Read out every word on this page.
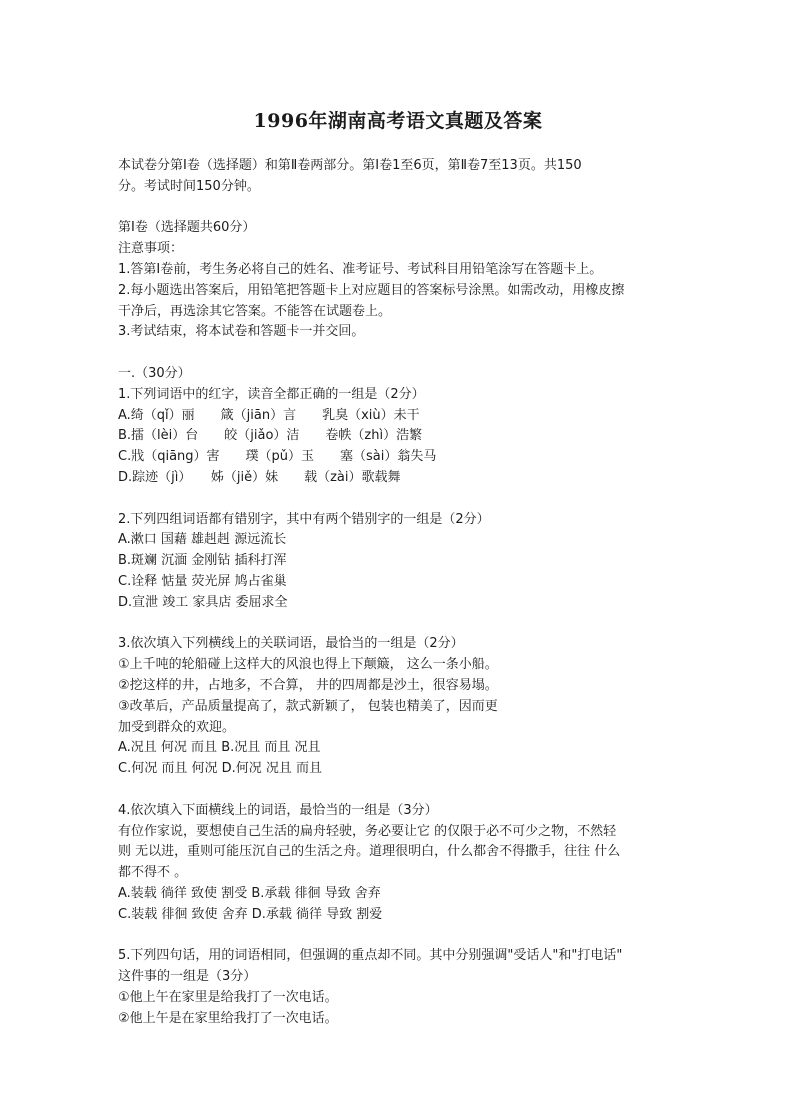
1996年湖南高考语文真题及答案
本试卷分第Ⅰ卷（选择题）和第Ⅱ卷两部分。第Ⅰ卷1至6页，第Ⅱ卷7至13页。共150
分。考试时间150分钟。
第Ⅰ卷（选择题共60分）
注意事项：
1.答第Ⅰ卷前，考生务必将自己的姓名、准考证号、考试科目用铅笔涂写在答题卡上。
2.每小题选出答案后，用铅笔把答题卡上对应题目的答案标号涂黑。如需改动，用橡皮擦
干净后，再选涂其它答案。不能答在试题卷上。
3.考试结束，将本试卷和答题卡一并交回。
一.（30分）
1.下列词语中的红字，读音全都正确的一组是（2分）
A.绮（qǐ）丽　　箴（jiān）言　　乳臭（xiù）未干
B.擂（lèi）台　　皎（jiǎo）洁　　卷帙（zhì）浩繁
C.戕（qiāng）害　　璞（pǔ）玉　　塞（sài）翁失马
D.踪迹（jì）　　姊（jiě）妹　　载（zài）歌载舞
2.下列四组词语都有错别字，其中有两个错别字的一组是（2分）
A.漱口 国藉 雄赳赳 源远流长
B.斑斓 沉湎 金刚钻 插科打浑
C.诠释 惦量 荧光屏 鸠占雀巢
D.宣泄 竣工 家具店 委屈求全
3.依次填入下列横线上的关联词语，最恰当的一组是（2分）
①上千吨的轮船碰上这样大的风浪也得上下颠簸， 这么一条小船。
②挖这样的井，占地多，不合算， 井的四周都是沙土，很容易塌。
③改革后，产品质量提高了，款式新颖了， 包装也精美了，因而更
加受到群众的欢迎。
A.况且 何况 而且 B.况且 而且 况且
C.何况 而且 何况 D.何况 况且 而且
4.依次填入下面横线上的词语，最恰当的一组是（3分）
有位作家说，要想使自己生活的扁舟轻驶，务必要让它 的仅限于必不可少之物，不然轻
则 无以进，重则可能压沉自己的生活之舟。道理很明白，什么都舍不得撒手，往往 什么
都不得不 。
A.装载 徜徉 致使 割受 B.承载 徘徊 导致 舍弃
C.装载 徘徊 致使 舍弃 D.承载 徜徉 导致 割爱
5.下列四句话，用的词语相同，但强调的重点却不同。其中分别强调"受话人"和"打电话"
这件事的一组是（3分）
①他上午在家里是给我打了一次电话。
②他上午是在家里给我打了一次电话。
